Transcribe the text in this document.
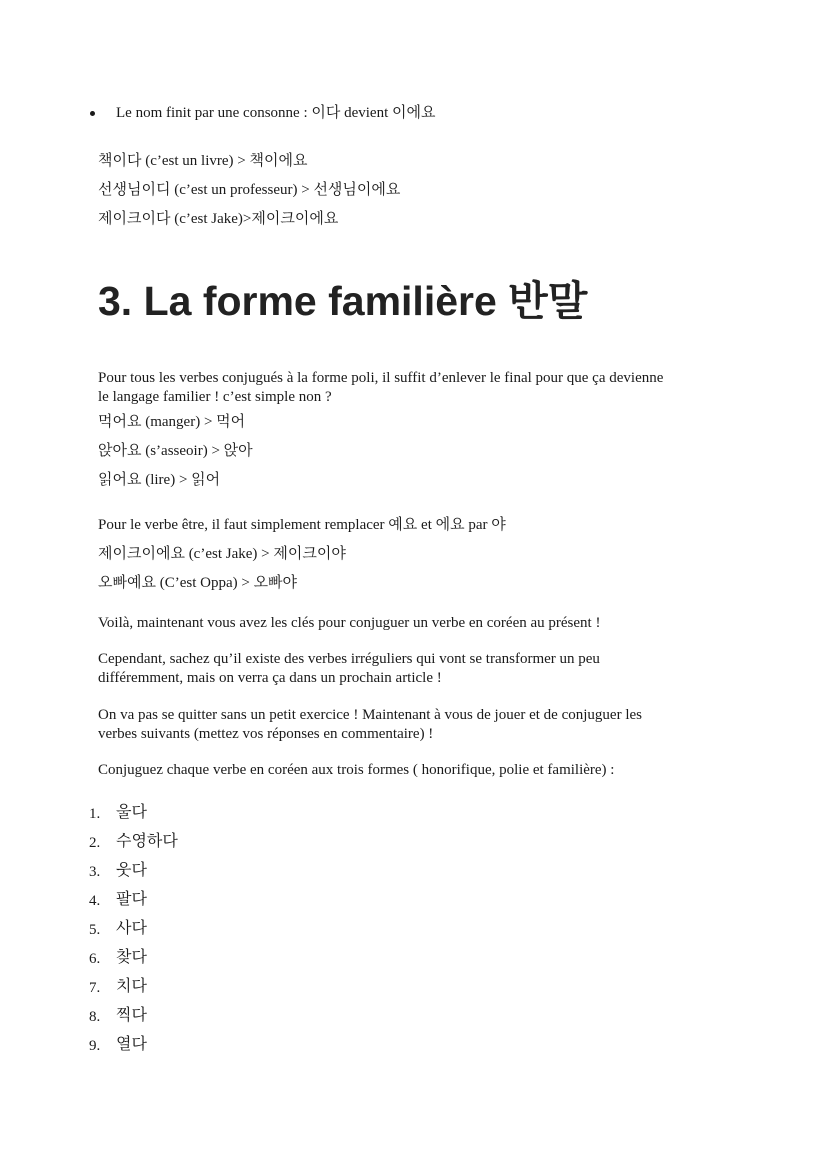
Le nom finit par une consonne : 이다 devient 이에요
책이다 (c’est un livre) > 책이에요
선생님이디 (c’est un professeur) > 선생님이에요
제이크이다 (c’est Jake)>제이크이에요
3. La forme familière 반말
Pour tous les verbes conjugués à la forme poli, il suffit d’enlever le final pour que ça devienne
le langage familier ! c’est simple non ?
먹어요 (manger) > 먹어
앉아요 (s’asseoir) > 앉아
읽어요 (lire) > 읽어
Pour le verbe être, il faut simplement remplacer 예요 et 에요 par 야
제이크이에요 (c’est Jake) > 제이크이야
오빠예요 (C’est Oppa) > 오빠야
Voilà, maintenant vous avez les clés pour conjuguer un verbe en coréen au présent !
Cependant, sachez qu’il existe des verbes irréguliers qui vont se transformer un peu
différemment, mais on verra ça dans un prochain article !
On va pas se quitter sans un petit exercice ! Maintenant à vous de jouer et de conjuguer les
verbes suivants (mettez vos réponses en commentaire) !
Conjuguez chaque verbe en coréen aux trois formes ( honorifique, polie et familière) :
1. 울다
2. 수영하다
3. 웃다
4. 팔다
5. 사다
6. 찾다
7. 치다
8. 찍다
9. 열다
